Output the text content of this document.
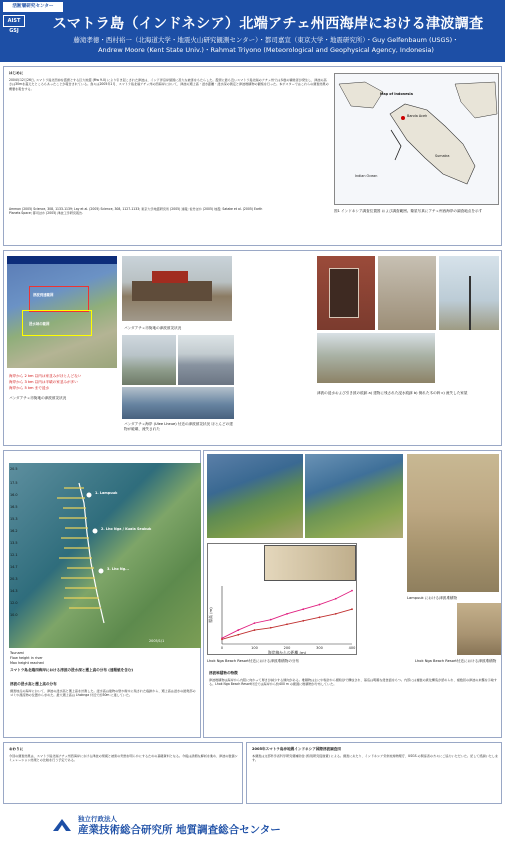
活断層研究センター
AIST GSJ	スマトラ島（インドネシア）北端アチェ州西海岸における津波調査
藤滝孝徳・西村裕一（北海道大学・地震火山研究観測センター）・都司嘉宣（東京大学・地震研究所）・Guy Gelfenbaum (USGS)・
Andrew Moore (Kent State Univ.)・Rahmat Triyono (Meteorological and Geophysical Agency, Indonesia)
はじめに
2004年12月26日, スマトラ島北西沖を震源とする巨大地震 (Mw 9.0) により引き起こされた津波は、インド洋沿岸諸国に甚大な被害をもたらした。震源に最も近いスマトラ島北端のアチェ州では多数の犠牲者が発生し、津波の高さは30mを超えたところもあったことが報告されている。我々は2005年1月、スマトラ島北端アチェ州の西海岸において、津波の遡上高・浸水距離・浸水深の測定と津波堆積物の観察を行った。本ポスターではこれらの調査結果の概要を報告する。
Ammon (2005) Science, 308, 1133-1139; Lay et al. (2005) Science, 308, 1127-1133; 東京大学地震研究所 (2005) 速報; 佐竹ほか (2005) 地震; Satake et al. (2005) Earth Planets Space; 都司ほか (2005) 津波工学研究報告.
Map of Indonesia
Banda Aceh
Indian Ocean
Sumatra
図1 インドネシア調査位置図 および調査範囲。衛星写真にアチェ州西海岸の調査地点を示す
津波到達範囲
浸水域の範囲
海岸から 2 km 以内は家並みがほとんどない
海岸から 3 km 以内は半壊の家並みが多い
海岸から 5 km まで浸水
バンダアチェ市街地の津波被災状況
バンダアチェ市街地の津波被災状況
バンダアチェ海岸 (Ulee Lheue) 付近の津波被災状況 ほとんどの建物が破壊、流失された
津波の浸水および引き波の痕跡 a) 建物に残された浸水痕跡 b) 倒れた木の幹 c) 流失した家屋
1. Lampuuk
2. Lho Nga / Kuala Seubuk
3. Lho Ng...
2005/1/1
20.5
17.5
16.0
16.5
15.3
16.2
13.5
12.1
14.7
20.3
14.3
12.0
10.0
Tsunami
Flow height in river
Max height reached
スマトラ島北端西海岸における津波の浸水深と遡上高の分布 (速報値を含む)
津波の浸水高と遡上高の分布
調査地点の海岸において、津波の浸水高と遡上高を計測した。浸水高は建物の壁や樹木に残された痕跡から、遡上高は浸水の最奥部のゴミや漂流物の位置から求めた。最大遡上高は Lhoknga 付近で約30m に達していた。
Lampuuk における津波堆積物
Lhok Nga Beach Resort付近における津波堆積物
0	100	200	300	400
海岸線からの距離 (m)
標高 (m)
Lhok Nga Beach Resort付近における津波堆積物の分布
津波堆積物の特徴
津波堆積物は海岸から内陸に向かって厚さが減少する傾向がある。堆積物は主に中粒砂から細粒砂で構成され、基底は明瞭な侵食面をもつ。内部には複数の級化構造が認められ、複数回の津波の来襲を示唆する。Lhok Nga Beach Resort付近では海岸から約400 m の範囲に堆積物が分布していた。
おわりに
今回の調査結果は、スマトラ島北端アチェ州西海岸における津波の規模と被害の実態を明らかにするための基礎資料となる。今後は詳細な解析を進め、津波の数値シミュレーション結果との比較を行う予定である。
2005年スマトラ島沖地震インドネシア国際津波調査団
本調査は文部科学省科学研究費補助金 (特別研究促進費) による。調査にあたり、インドネシア気象地球物理庁、USGS の関係者の方々にご協力いただいた。記して感謝いたします。
独立行政法人
産業技術総合研究所 地質調査総合センター
